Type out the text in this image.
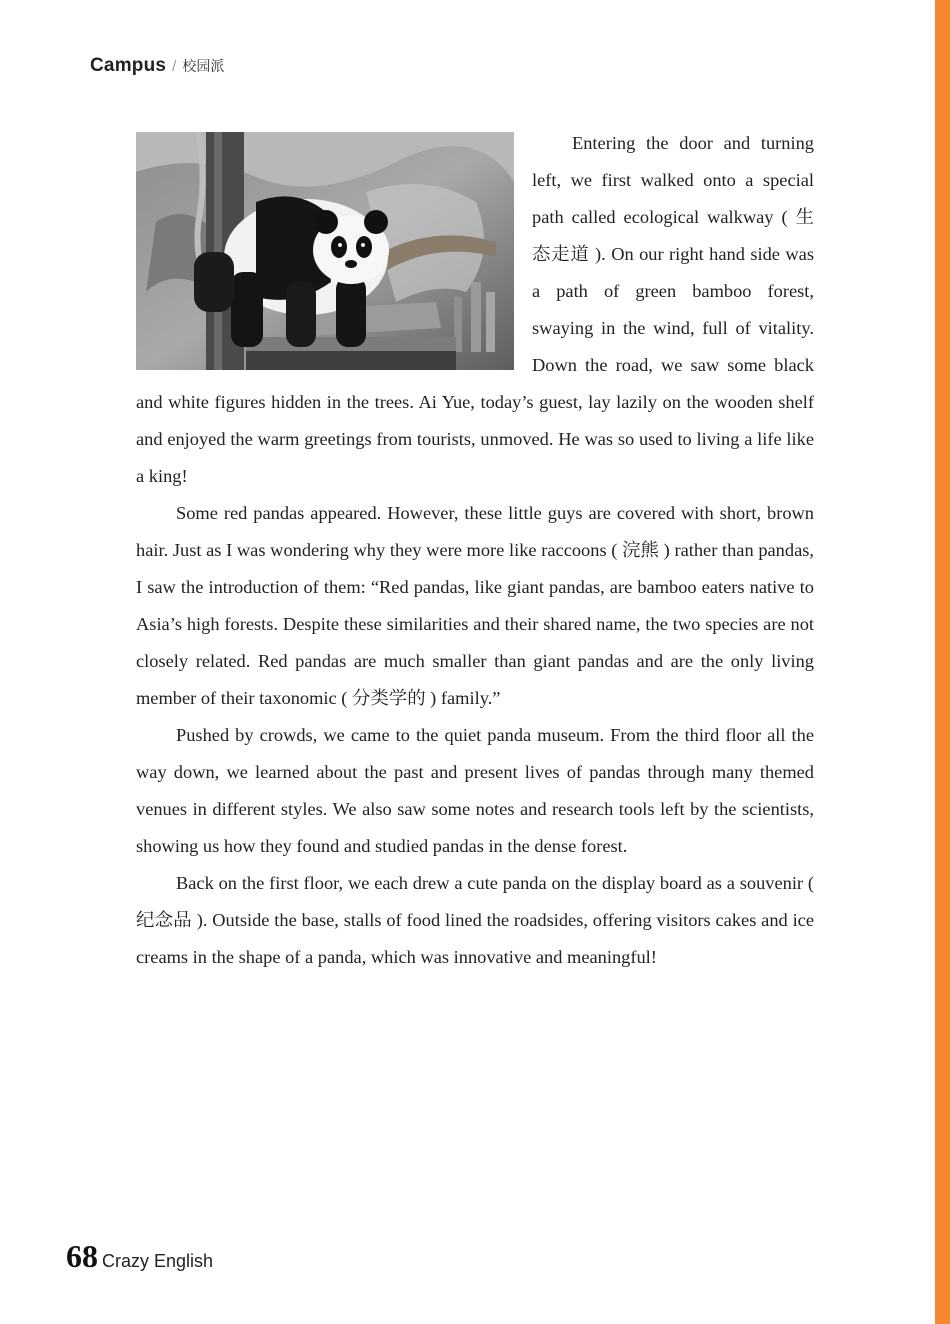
Campus / 校园派

Entering the door and turning left, we first walked onto a special path called ecological walkway ( 生态走道 ). On our right hand side was a path of green bamboo forest, swaying in the wind, full of vitality. Down the road, we saw some black and white figures hidden in the trees. Ai Yue, today’s guest, lay lazily on the wooden shelf and enjoyed the warm greetings from tourists, unmoved. He was so used to living a life like a king!

Some red pandas appeared. However, these little guys are covered with short, brown hair. Just as I was wondering why they were more like raccoons ( 浣熊 ) rather than pandas, I saw the introduction of them: “Red pandas, like giant pandas, are bamboo eaters native to Asia’s high forests. Despite these similarities and their shared name, the two species are not closely related. Red pandas are much smaller than giant pandas and are the only living member of their taxonomic ( 分类学的 ) family.”

Pushed by crowds, we came to the quiet panda museum. From the third floor all the way down, we learned about the past and present lives of pandas through many themed venues in different styles. We also saw some notes and research tools left by the scientists, showing us how they found and studied pandas in the dense forest.

Back on the first floor, we each drew a cute panda on the display board as a souvenir ( 纪念品 ). Outside the base, stalls of food lined the roadsides, offering visitors cakes and ice creams in the shape of a panda, which was innovative and meaningful!

68 Crazy English
